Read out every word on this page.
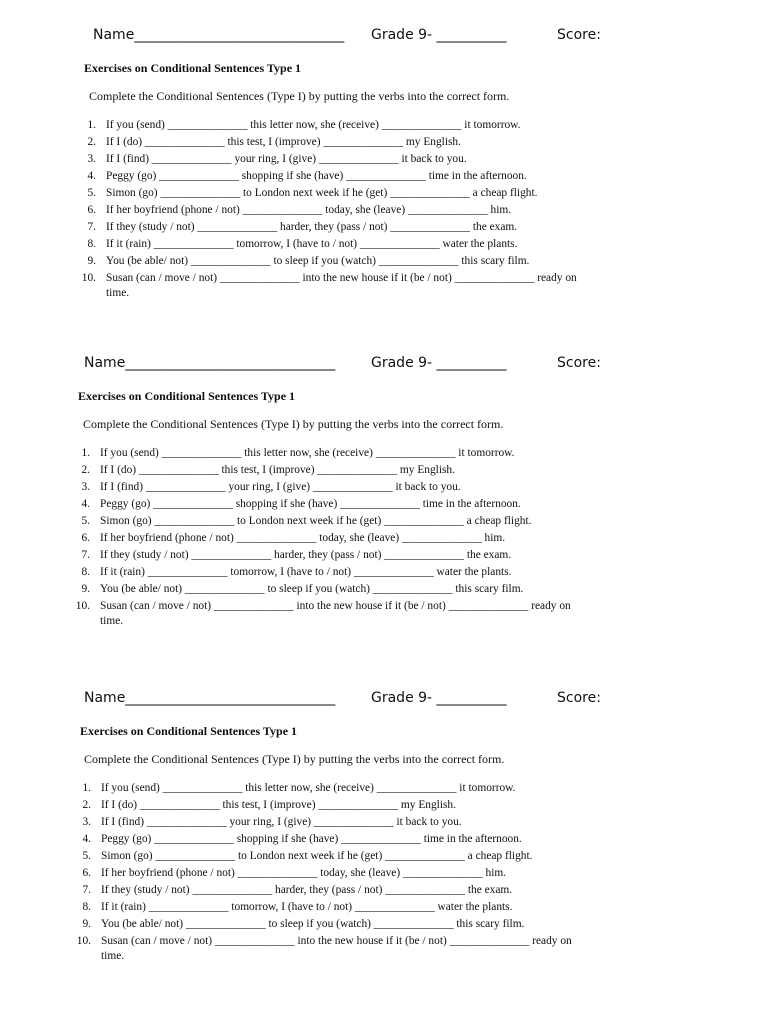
Name______________________________ Grade 9- __________	Score:
Exercises on Conditional Sentences Type 1
Complete the Conditional Sentences (Type I) by putting the verbs into the correct form.
1. If you (send) ______________ this letter now, she (receive) ______________ it tomorrow.
2. If I (do) ______________ this test, I (improve) ______________ my English.
3. If I (find) ______________ your ring, I (give) ______________ it back to you.
4. Peggy (go) ______________ shopping if she (have) ______________ time in the afternoon.
5. Simon (go) ______________ to London next week if he (get) ______________ a cheap flight.
6. If her boyfriend (phone / not) ______________ today, she (leave) ______________ him.
7. If they (study / not) ______________ harder, they (pass / not) ______________ the exam.
8. If it (rain) ______________ tomorrow, I (have to / not) ______________ water the plants.
9. You (be able/ not) ______________ to sleep if you (watch) ______________ this scary film.
10. Susan (can / move / not) ______________ into the new house if it (be / not) ______________ ready on
time.
Name______________________________	Grade 9- __________	Score:
Exercises on Conditional Sentences Type 1
Complete the Conditional Sentences (Type I) by putting the verbs into the correct form.
1. If you (send) ______________ this letter now, she (receive) ______________ it tomorrow.
2. If I (do) ______________ this test, I (improve) ______________ my English.
3. If I (find) ______________ your ring, I (give) ______________ it back to you.
4. Peggy (go) ______________ shopping if she (have) ______________ time in the afternoon.
5. Simon (go) ______________ to London next week if he (get) ______________ a cheap flight.
6. If her boyfriend (phone / not) ______________ today, she (leave) ______________ him.
7. If they (study / not) ______________ harder, they (pass / not) ______________ the exam.
8. If it (rain) ______________ tomorrow, I (have to / not) ______________ water the plants.
9. You (be able/ not) ______________ to sleep if you (watch) ______________ this scary film.
10. Susan (can / move / not) ______________ into the new house if it (be / not) ______________ ready on
time.
Name______________________________	Grade 9- __________	Score:
Exercises on Conditional Sentences Type 1
Complete the Conditional Sentences (Type I) by putting the verbs into the correct form.
1. If you (send) ______________ this letter now, she (receive) ______________ it tomorrow.
2. If I (do) ______________ this test, I (improve) ______________ my English.
3. If I (find) ______________ your ring, I (give) ______________ it back to you.
4. Peggy (go) ______________ shopping if she (have) ______________ time in the afternoon.
5. Simon (go) ______________ to London next week if he (get) ______________ a cheap flight.
6. If her boyfriend (phone / not) ______________ today, she (leave) ______________ him.
7. If they (study / not) ______________ harder, they (pass / not) ______________ the exam.
8. If it (rain) ______________ tomorrow, I (have to / not) ______________ water the plants.
9. You (be able/ not) ______________ to sleep if you (watch) ______________ this scary film.
10. Susan (can / move / not) ______________ into the new house if it (be / not) ______________ ready on
time.
